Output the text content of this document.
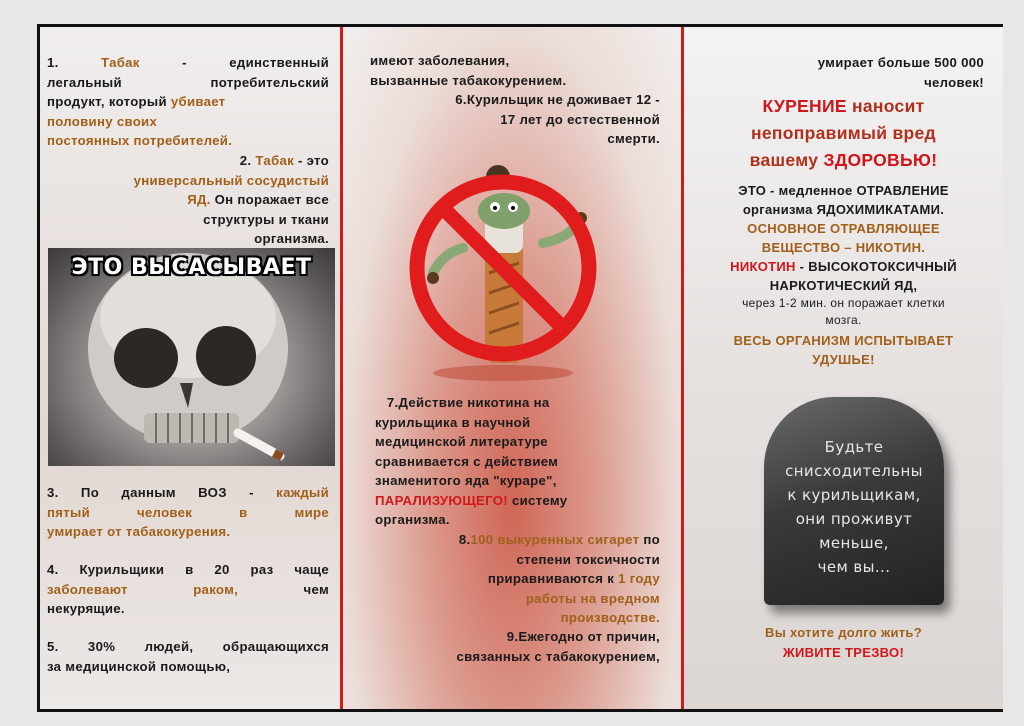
1.	Табак	- единственный

легальный потребительский

продукт, который убивает

половину своих

постоянных потребителей.

2. Табак - это

универсальный сосудистый

ЯД. Он поражает все

структуры и ткани

организма.

ЭТО ВЫСАСЫВАЕТ

3. По данным ВОЗ - каждый

пятый	человек	в	мире

умирает от табакокурения.

4. Курильщики в 20 раз чаще

заболевают	раком,	чем

некурящие.

5. 30% людей, обращающихся

за медицинской помощью,

имеют заболевания,

вызванные табакокурением.

6.Курильщик не доживает 12 -

17 лет до естественной

смерти.

7.Действие никотина на

курильщика в научной

медицинской литературе

сравнивается с действием

знаменитого яда "кураре",

ПАРАЛИЗУЮЩЕГО! систему

организма.

8.100 выкуренных сигарет по

степени токсичности

приравниваются к 1 году

работы на вредном

производстве.

9.Ежегодно от причин,

связанных с табакокурением,

умирает больше 500 000

человек!

КУРЕНИЕ наносит

непоправимый вред

вашему ЗДОРОВЬЮ!

ЭТО - медленное ОТРАВЛЕНИЕ

организма ЯДОХИМИКАТАМИ.

ОСНОВНОЕ ОТРАВЛЯЮЩЕЕ

ВЕЩЕСТВО – НИКОТИН.

НИКОТИН - ВЫСОКОТОКСИЧНЫЙ

НАРКОТИЧЕСКИЙ ЯД,

через 1-2 мин. он поражает клетки

мозга.

ВЕСЬ ОРГАНИЗМ ИСПЫТЫВАЕТ

УДУШЬЕ!

Будьте

снисходительны

к курильщикам,

они проживут

меньше,

чем вы...

Вы хотите долго жить?

ЖИВИТЕ ТРЕЗВО!
